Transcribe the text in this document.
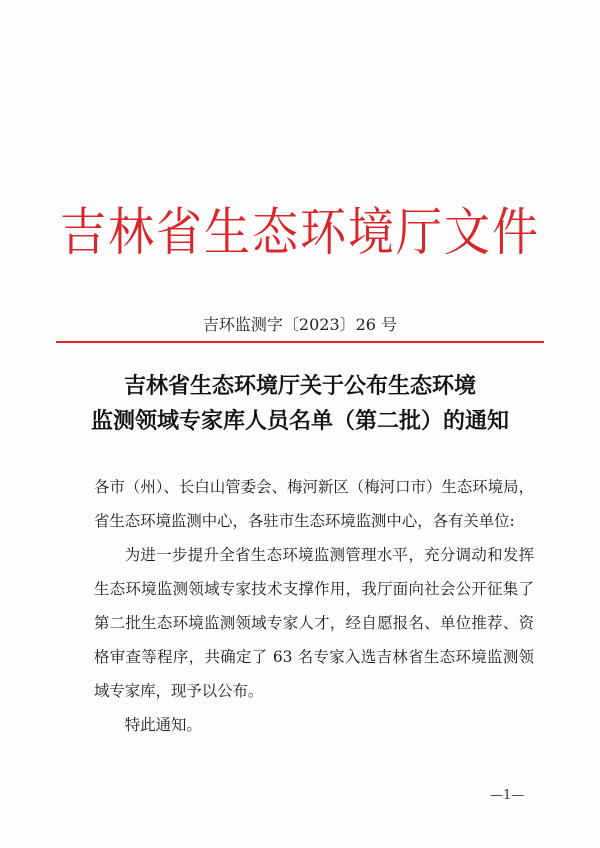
吉林省生态环境厅文件
吉环监测字〔2023〕26 号
吉林省生态环境厅关于公布生态环境
监测领域专家库人员名单（第二批）的通知

各市（州）、长白山管委会、梅河新区（梅河口市）生态环境局，省生态环境监测中心，各驻市生态环境监测中心，各有关单位:

为进一步提升全省生态环境监测管理水平，充分调动和发挥生态环境监测领域专家技术支撑作用，我厅面向社会公开征集了第二批生态环境监测领域专家人才，经自愿报名、单位推荐、资格审查等程序，共确定了 63 名专家入选吉林省生态环境监测领域专家库，现予以公布。

特此通知。

—1—
